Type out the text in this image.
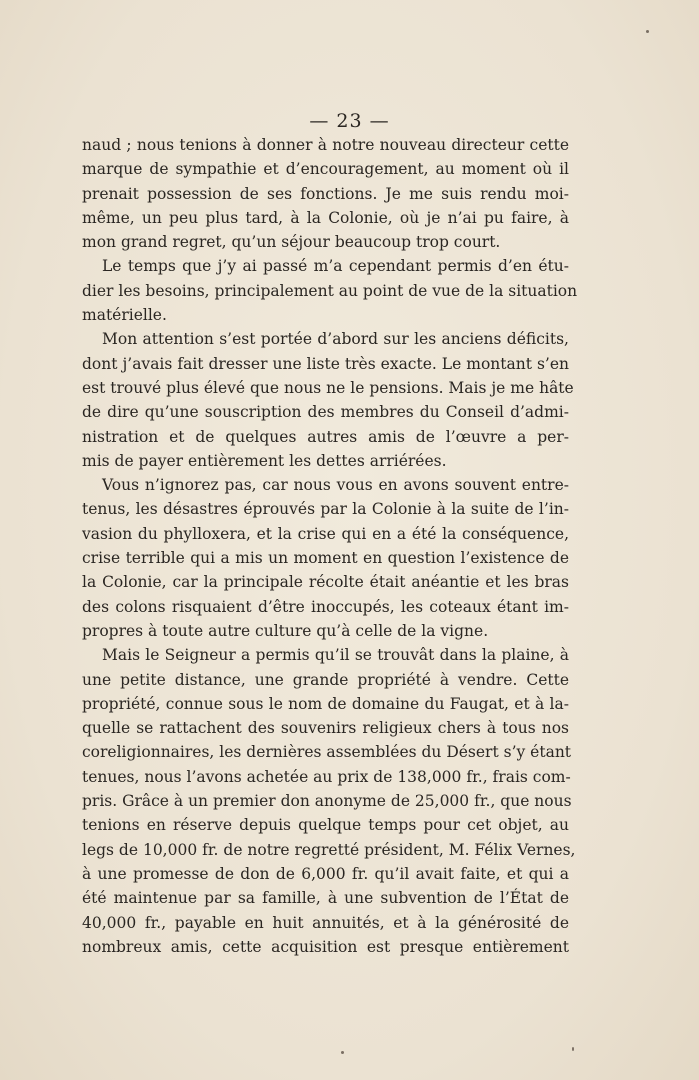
— 23 —
naud ; nous tenions à donner à notre nouveau directeur cette
marque de sympathie et d’encouragement, au moment où il
prenait possession de ses fonctions. Je me suis rendu moi-
même, un peu plus tard, à la Colonie, où je n’ai pu faire, à
mon grand regret, qu’un séjour beaucoup trop court.
Le temps que j’y ai passé m’a cependant permis d’en étu-
dier les besoins, principalement au point de vue de la situation
matérielle.
Mon attention s’est portée d’abord sur les anciens déficits,
dont j’avais fait dresser une liste très exacte. Le montant s’en
est trouvé plus élevé que nous ne le pensions. Mais je me hâte
de dire qu’une souscription des membres du Conseil d’admi-
nistration et de quelques autres amis de l’œuvre a per-
mis de payer entièrement les dettes arriérées.
Vous n’ignorez pas, car nous vous en avons souvent entre-
tenus, les désastres éprouvés par la Colonie à la suite de l’in-
vasion du phylloxera, et la crise qui en a été la conséquence,
crise terrible qui a mis un moment en question l’existence de
la Colonie, car la principale récolte était anéantie et les bras
des colons risquaient d’être inoccupés, les coteaux étant im-
propres à toute autre culture qu’à celle de la vigne.
Mais le Seigneur a permis qu’il se trouvât dans la plaine, à
une petite distance, une grande propriété à vendre. Cette
propriété, connue sous le nom de domaine du Faugat, et à la-
quelle se rattachent des souvenirs religieux chers à tous nos
coreligionnaires, les dernières assemblées du Désert s’y étant
tenues, nous l’avons achetée au prix de 138,000 fr., frais com-
pris. Grâce à un premier don anonyme de 25,000 fr., que nous
tenions en réserve depuis quelque temps pour cet objet, au
legs de 10,000 fr. de notre regretté président, M. Félix Vernes,
à une promesse de don de 6,000 fr. qu’il avait faite, et qui a
été maintenue par sa famille, à une subvention de l’État de
40,000 fr., payable en huit annuités, et à la générosité de
nombreux amis, cette acquisition est presque entièrement
